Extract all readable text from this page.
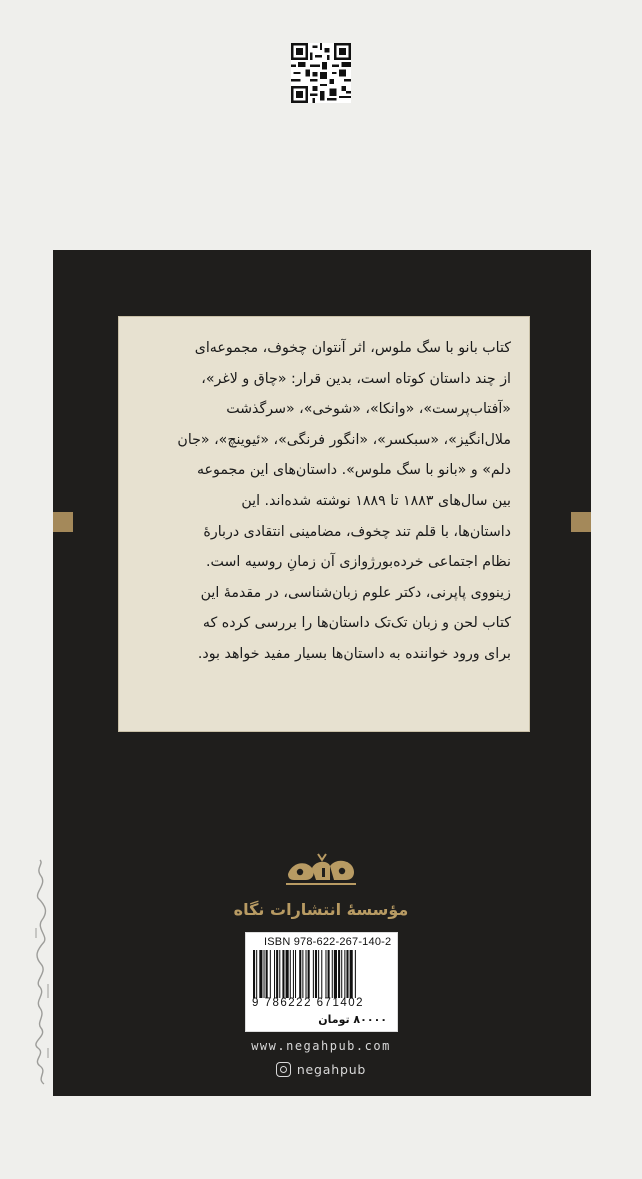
کتاب بانو با سگ ملوس، اثر آنتوان چخوف، مجموعه‌ای

از چند داستان کوتاه است، بدین قرار: «چاق و لاغر»،

«آفتاب‌پرست»، «وانکا»، «شوخی»، «سرگذشت

ملال‌انگیز»، «سبکسر»، «انگور فرنگی»، «ئیوینچ»، «جان

دلم» و «بانو با سگ ملوس». داستان‌های این مجموعه

بین سال‌های ۱۸۸۳ تا ۱۸۸۹ نوشته شده‌اند. این

داستان‌ها، با قلم تند چخوف، مضامینی انتقادی دربارهٔ

نظام اجتماعی خرده‌بورژوازی آن زمانِ روسیه است.

زینووی پاپرنی، دکتر علوم زبان‌شناسی، در مقدمهٔ این

کتاب لحن و زبان تک‌تک داستان‌ها را بررسی کرده که

برای ورود خواننده به داستان‌ها بسیار مفید خواهد بود.

مؤسسهٔ انتشارات نگاه
ISBN 978-622-267-140-2
9 786222 671402
۸۰۰۰۰ تومان
www.negahpub.com
negahpub
